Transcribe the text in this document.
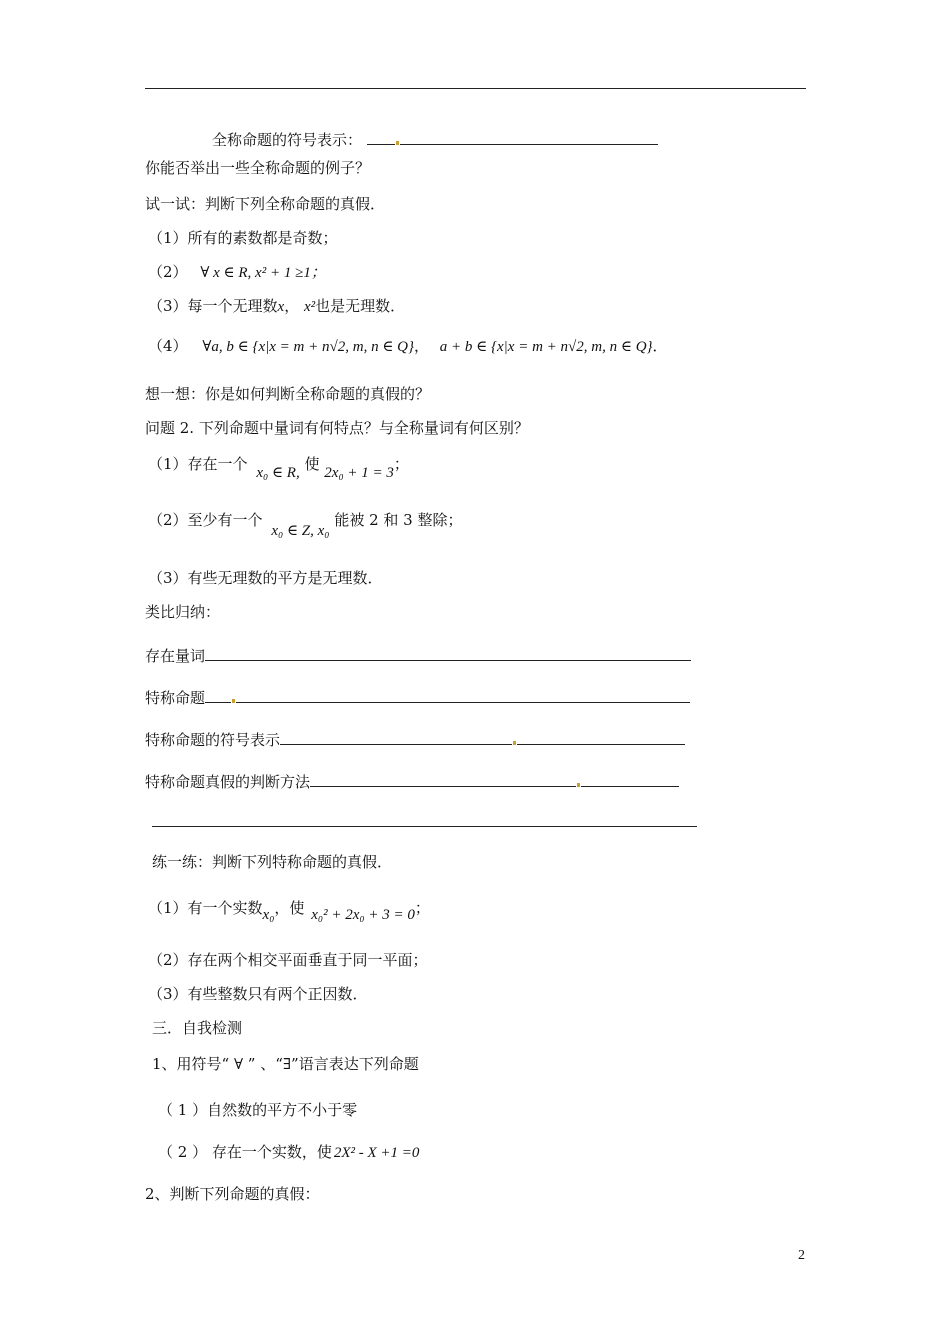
全称命题的符号表示：
你能否举出一些全称命题的例子？
试一试：判断下列全称命题的真假．
（1）所有的素数都是奇数；
（2） ∀ x ∈ R, x² + 1 ≥1；
（3）每一个无理数x， x²也是无理数．
（4） ∀a, b ∈ {x|x = m + n√2, m, n ∈ Q}， a + b ∈ {x|x = m + n√2, m, n ∈ Q}．
想一想：你是如何判断全称命题的真假的？
问题 2. 下列命题中量词有何特点？与全称量词有何区别？
（1）存在一个 x₀ ∈ R, 使 2x₀ + 1 = 3；
（2）至少有一个 x₀ ∈ Z, x₀ 能被 2 和 3 整除；
（3）有些无理数的平方是无理数．
类比归纳：
存在量词
特称命题
特称命题的符号表示
特称命题真假的判断方法
练一练：判断下列特称命题的真假．
（1）有一个实数x₀，使 x₀² + 2x₀ + 3 = 0；
（2）存在两个相交平面垂直于同一平面；
（3）有些整数只有两个正因数．
三．自我检测
1、用符号“ ∀ ” 、“∃”语言表达下列命题
（ 1 ）自然数的平方不小于零
（ 2 ） 存在一个实数，使 2X² - X +1 =0
2、判断下列命题的真假：
2
